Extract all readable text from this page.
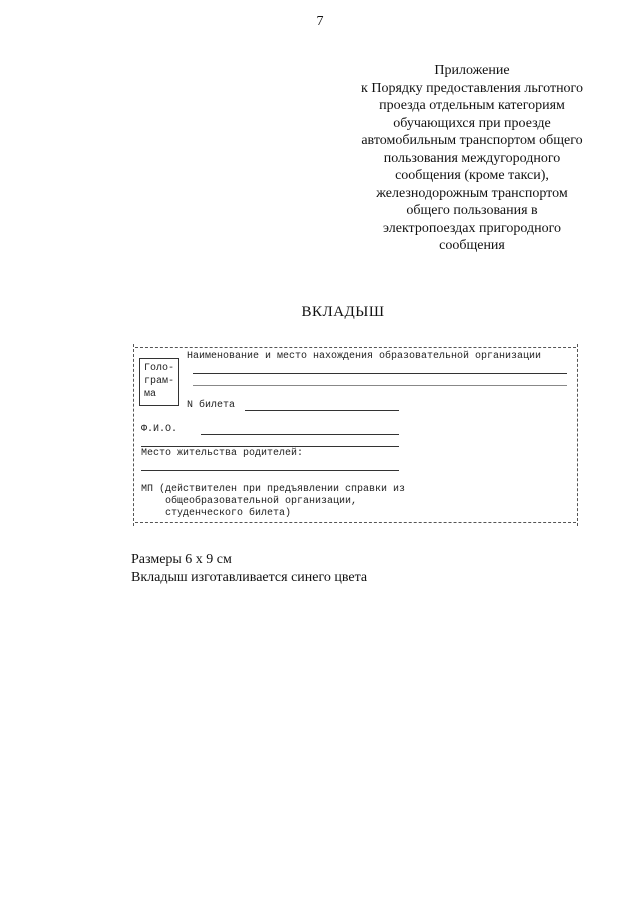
7
Приложение
к Порядку предоставления льготного
проезда отдельным категориям
обучающихся при проезде
автомобильным транспортом общего
пользования междугородного
сообщения (кроме такси),
железнодорожным транспортом
общего пользования в
электропоездах пригородного
сообщения
ВКЛАДЫШ
Голо-
грам-
ма
Наименование и место нахождения образовательной организации
N билета
Ф.И.О.
Место жительства родителей:
МП (действителен при предъявлении справки из
общеобразовательной организации,
студенческого билета)
Размеры 6 х 9 см
Вкладыш изготавливается синего цвета
